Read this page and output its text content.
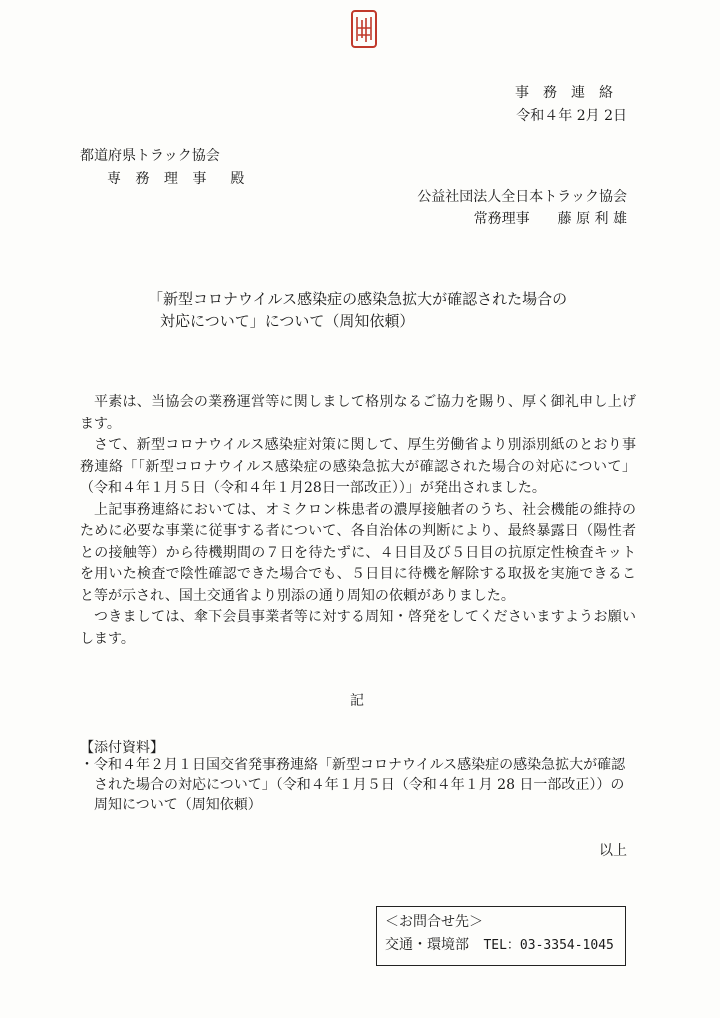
事務連絡
令和４年 2月 2日
都道府県トラック協会
専 務 理 事　殿
公益社団法人全日本トラック協会
常務理事　　藤 原 利 雄
「新型コロナウイルス感染症の感染急拡大が確認された場合の
対応について」について（周知依頼）

平素は、当協会の業務運営等に関しまして格別なるご協力を賜り、厚く御礼申し上げます。

さて、新型コロナウイルス感染症対策に関して、厚生労働省より別添別紙のとおり事務連絡「「新型コロナウイルス感染症の感染急拡大が確認された場合の対応について」（令和４年１月５日（令和４年１月28日一部改正））」が発出されました。

上記事務連絡においては、オミクロン株患者の濃厚接触者のうち、社会機能の維持のために必要な事業に従事する者について、各自治体の判断により、最終暴露日（陽性者との接触等）から待機期間の７日を待たずに、４日目及び５日目の抗原定性検査キットを用いた検査で陰性確認できた場合でも、５日目に待機を解除する取扱を実施できること等が示され、国土交通省より別添の通り周知の依頼がありました。

つきましては、傘下会員事業者等に対する周知・啓発をしてくださいますようお願いします。

記
【添付資料】
・令和４年２月１日国交省発事務連絡「新型コロナウイルス感染症の感染急拡大が確認された場合の対応について」（令和４年１月５日（令和４年１月 28 日一部改正））の周知について（周知依頼）
以上
＜お問合せ先＞
交通・環境部 TEL：03-3354-1045
